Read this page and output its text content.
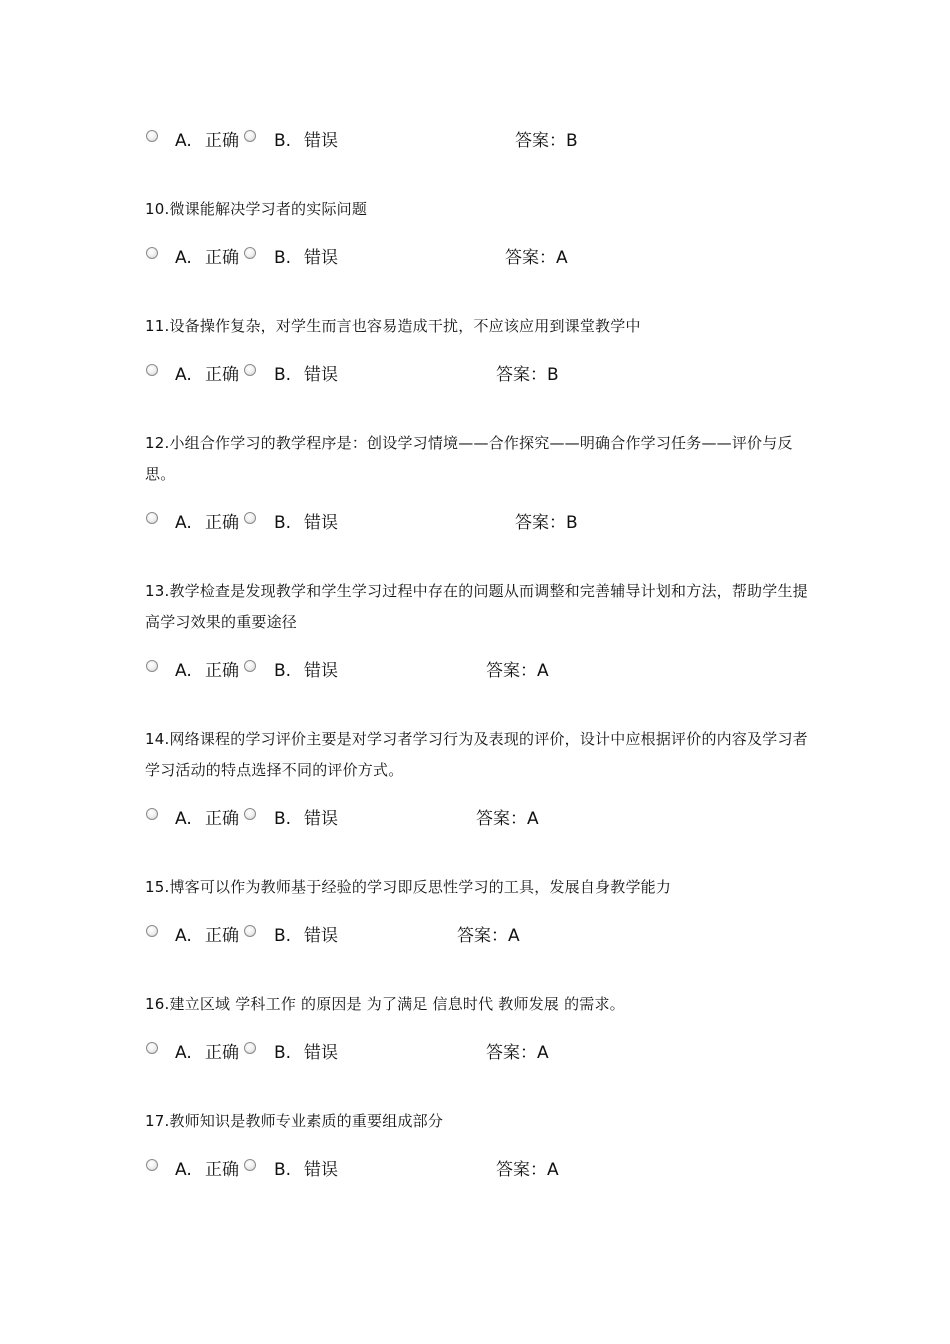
A. 正确 B. 错误	答案：B

10.微课能解决学习者的实际问题

A. 正确 B. 错误	答案：A

11.设备操作复杂，对学生而言也容易造成干扰，不应该应用到课堂教学中

A. 正确 B. 错误	答案：B

12.小组合作学习的教学程序是：创设学习情境——合作探究——明确合作学习任务——评价与反思。

A. 正确 B. 错误	答案：B

13.教学检查是发现教学和学生学习过程中存在的问题从而调整和完善辅导计划和方法，帮助学生提高学习效果的重要途径

A. 正确 B. 错误	答案：A

14.网络课程的学习评价主要是对学习者学习行为及表现的评价，设计中应根据评价的内容及学习者学习活动的特点选择不同的评价方式。

A. 正确 B. 错误	答案：A

15.博客可以作为教师基于经验的学习即反思性学习的工具，发展自身教学能力

A. 正确 B. 错误	答案：A

16.建立区域 学科工作 的原因是 为了满足 信息时代 教师发展 的需求。

A. 正确 B. 错误	答案：A

17.教师知识是教师专业素质的重要组成部分

A. 正确 B. 错误	答案：A
